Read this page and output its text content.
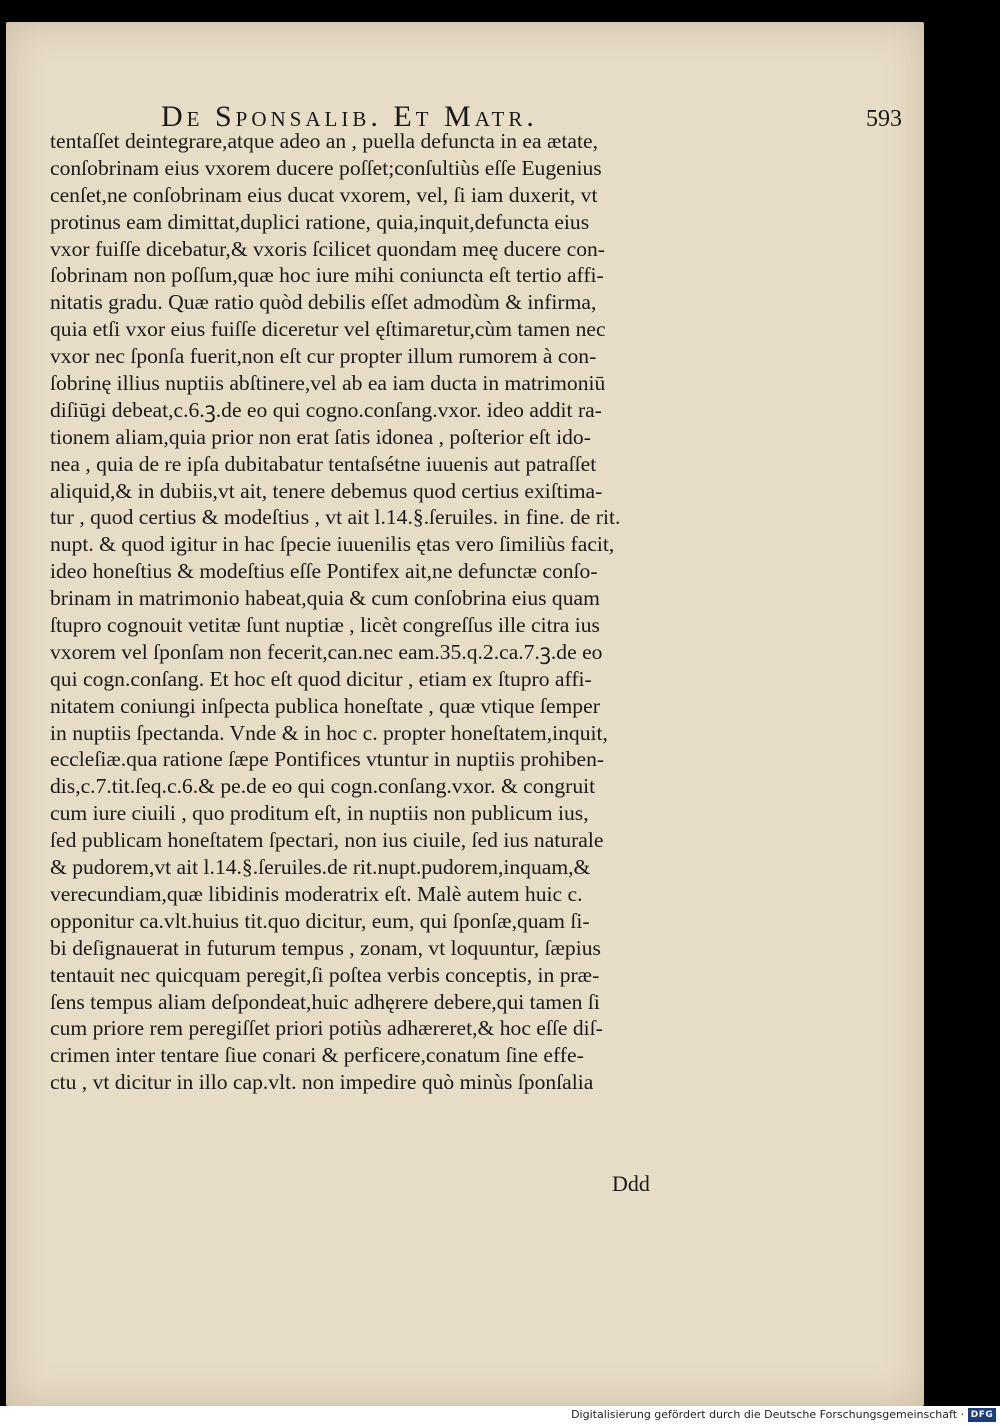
De Sponsalib. Et Matr.	593
tentaſſet deintegrare,atque adeo an , puella defuncta in ea ætate,
conſobrinam eius vxorem ducere poſſet;conſultiùs eſſe Eugenius
cenſet,ne conſobrinam eius ducat vxorem, vel, ſi iam duxerit, vt
protinus eam dimittat,duplici ratione, quia,inquit,defuncta eius
vxor fuiſſe dicebatur,& vxoris ſcilicet quondam meę ducere con-
ſobrinam non poſſum,quæ hoc iure mihi coniuncta eſt tertio affi-
nitatis gradu. Quæ ratio quòd debilis eſſet admodùm & infirma,
quia etſi vxor eius fuiſſe diceretur vel ęſtimaretur,cùm tamen nec
vxor nec ſponſa fuerit,non eſt cur propter illum rumorem à con-
ſobrinę illius nuptiis abſtinere,vel ab ea iam ducta in matrimoniū
diſiūgi debeat,c.6.ꝫ.de eo qui cogno.conſang.vxor. ideo addit ra-
tionem aliam,quia prior non erat ſatis idonea , poſterior eſt ido-
nea , quia de re ipſa dubitabatur tentaſsétne iuuenis aut patraſſet
aliquid,& in dubiis,vt ait, tenere debemus quod certius exiſtima-
tur , quod certius & modeſtius , vt ait l.14.§.ſeruiles. in fine. de rit.
nupt. & quod igitur in hac ſpecie iuuenilis ętas vero ſimiliùs facit,
ideo honeſtius & modeſtius eſſe Pontifex ait,ne defunctæ conſo-
brinam in matrimonio habeat,quia & cum conſobrina eius quam
ſtupro cognouit vetitæ ſunt nuptiæ , licèt congreſſus ille citra ius
vxorem vel ſponſam non fecerit,can.nec eam.35.q.2.ca.7.ꝫ.de eo
qui cogn.conſang. Et hoc eſt quod dicitur , etiam ex ſtupro affi-
nitatem coniungi inſpecta publica honeſtate , quæ vtique ſemper
in nuptiis ſpectanda. Vnde & in hoc c. propter honeſtatem,inquit,
eccleſiæ.qua ratione ſæpe Pontifices vtuntur in nuptiis prohiben-
dis,c.7.tit.ſeq.c.6.& pe.de eo qui cogn.conſang.vxor. & congruit
cum iure ciuili , quo proditum eſt, in nuptiis non publicum ius,
ſed publicam honeſtatem ſpectari, non ius ciuile, ſed ius naturale
& pudorem,vt ait l.14.§.ſeruiles.de rit.nupt.pudorem,inquam,&
verecundiam,quæ libidinis moderatrix eſt. Malè autem huic c.
opponitur ca.vlt.huius tit.quo dicitur, eum, qui ſponſæ,quam ſi-
bi deſignauerat in futurum tempus , zonam, vt loquuntur, ſæpius
tentauit nec quicquam peregit,ſi poſtea verbis conceptis, in præ-
ſens tempus aliam deſpondeat,huic adhęrere debere,qui tamen ſi
cum priore rem peregiſſet priori potiùs adhæreret,& hoc eſſe diſ-
crimen inter tentare ſiue conari & perficere,conatum ſine effe-
ctu , vt dicitur in illo cap.vlt. non impedire quò minùs ſponſalia
Ddd
Digitalisierung gefördert durch die Deutsche Forschungsgemeinschaft · DFG
